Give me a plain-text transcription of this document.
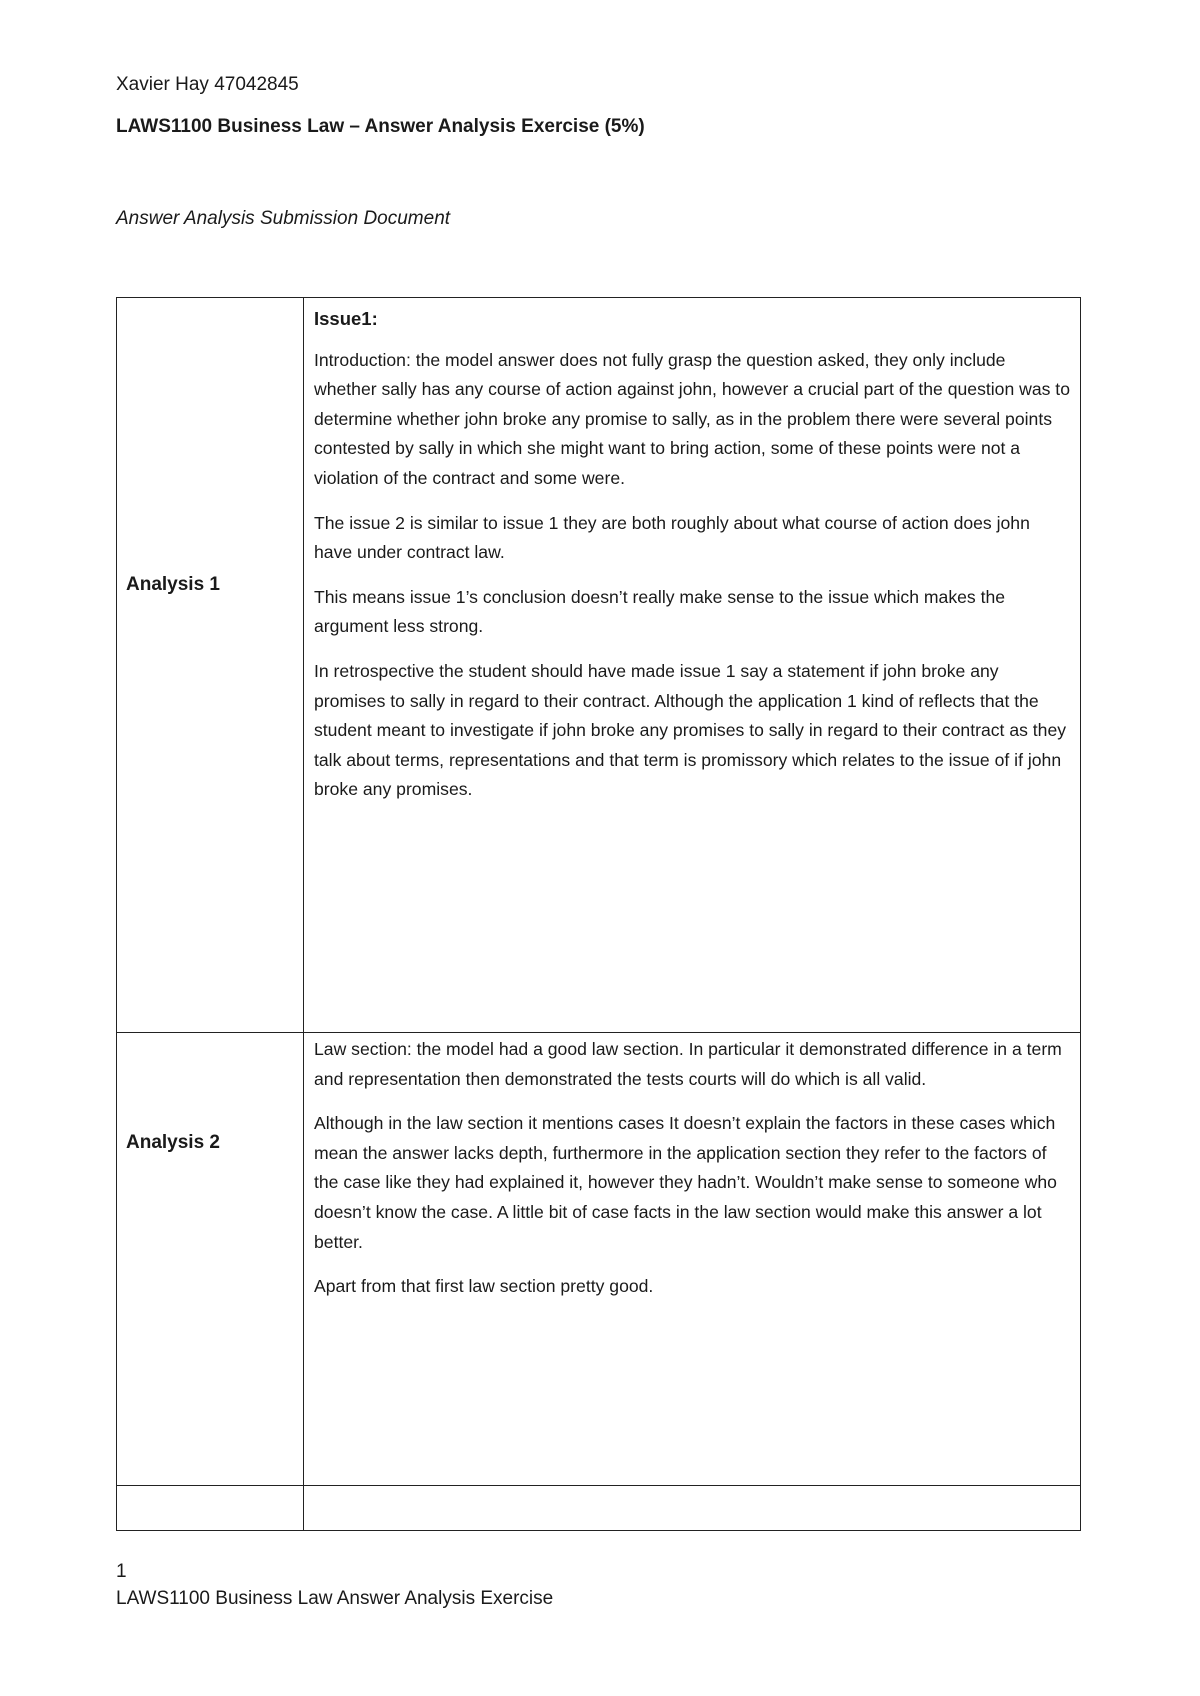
Xavier Hay 47042845
LAWS1100 Business Law – Answer Analysis Exercise (5%)
Answer Analysis Submission Document
Analysis 1	Issue1:

Introduction: the model answer does not fully grasp the question asked, they only include whether sally has any course of action against john, however a crucial part of the question was to determine whether john broke any promise to sally, as in the problem there were several points contested by sally in which she might want to bring action, some of these points were not a violation of the contract and some were.

The issue 2 is similar to issue 1 they are both roughly about what course of action does john have under contract law.

This means issue 1’s conclusion doesn’t really make sense to the issue which makes the argument less strong.

In retrospective the student should have made issue 1 say a statement if john broke any promises to sally in regard to their contract. Although the application 1 kind of reflects that the student meant to investigate if john broke any promises to sally in regard to their contract as they talk about terms, representations and that term is promissory which relates to the issue of if john broke any promises.

Analysis 2	Law section: the model had a good law section. In particular it demonstrated difference in a term and representation then demonstrated the tests courts will do which is all valid.

Although in the law section it mentions cases It doesn’t explain the factors in these cases which mean the answer lacks depth, furthermore in the application section they refer to the factors of the case like they had explained it, however they hadn’t. Wouldn’t make sense to someone who doesn’t know the case. A little bit of case facts in the law section would make this answer a lot better.

Apart from that first law section pretty good.

1
LAWS1100 Business Law Answer Analysis Exercise
